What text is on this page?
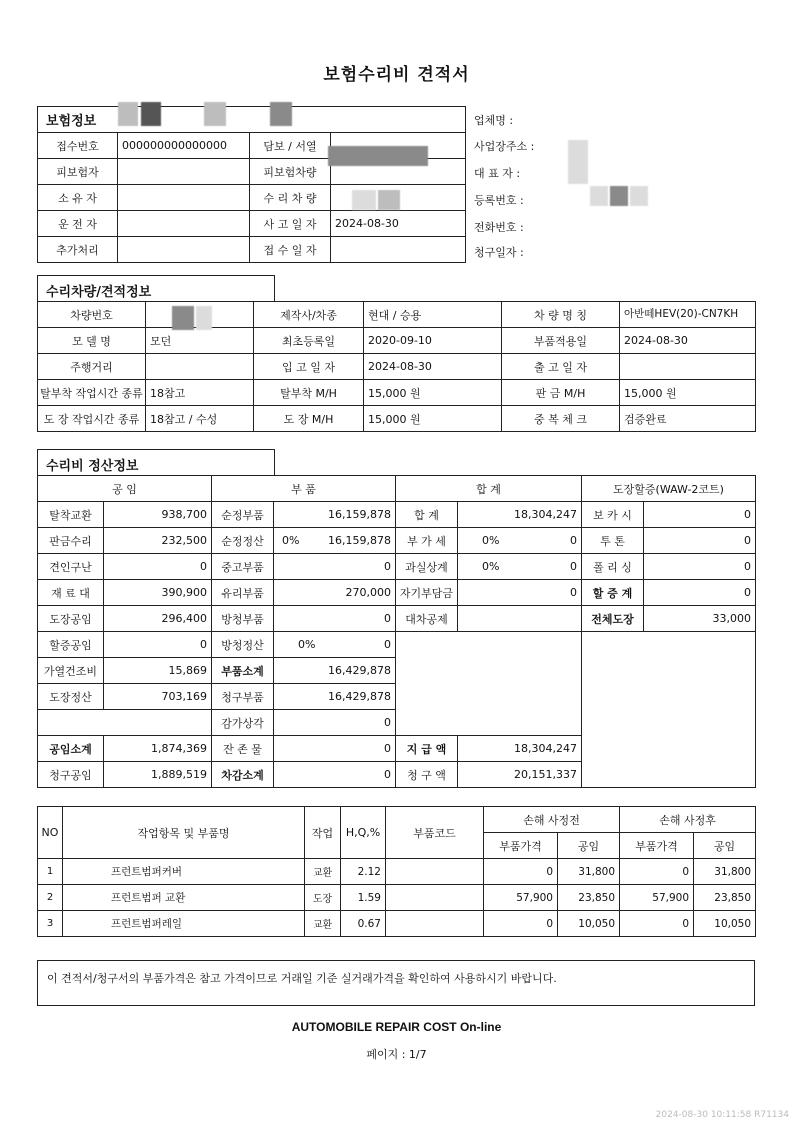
보험수리비 견적서
보험정보			
접수번호	000000000000000	담보 / 서열	
피보험자		피보험차량	
소 유 자		수 리 차 량	
운 전 자		사 고 일 자	2024-08-30
추가처리		접 수 일 자	
업체명 :
사업장주소 :
대 표 자 :
등록번호 :
전화번호 :
청구일자 :
수리차량/견적정보
차량번호		제작사/차종	현대 / 승용	차 량 명 칭	아반떼HEV(20)-CN7KH
모 델 명	모던	최초등록일	2020-09-10	부품적용일	2024-08-30
주행거리		입 고 일 자	2024-08-30	출 고 일 자	
탈부착 작업시간 종류	18참고	탈부착 M/H	15,000 원	판 금 M/H	15,000 원
도 장 작업시간 종류	18참고 / 수성	도 장 M/H	15,000 원	중 복 체 크	검증완료
수리비 정산정보
공 임		부 품		합 계		도장할증(WAW-2코트)	
탈착교환	938,700	순정부품	16,159,878	합 계	18,304,247	보 카 시	0
판금수리	232,500	순정정산	0% 16,159,878	부 가 세	0% 0	투 톤	0
견인구난	0	중고부품	0	과실상계	0% 0	폴 리 싱	0
재 료 대	390,900	유리부품	270,000	자기부담금	0	할 증 계	0
도장공임	296,400	방청부품	0	대차공제		전체도장	33,000
할증공임	0	방청정산	0% 0				
가열건조비	15,869	부품소계	16,429,878				
도장정산	703,169	청구부품	16,429,878				
		감가상각	0				
공임소계	1,874,369	잔 존 물	0	지 급 액	18,304,247		
청구공임	1,889,519	차감소계	0	청 구 액	20,151,337		
NO	작업항목 및 부품명	작업	H,Q,%	부품코드	손해 사정전		손해 사정후	
					부품가격	공임	부품가격	공임
1	프런트범퍼커버	교환	2.12		0	31,800	0	31,800
2	프런트범퍼 교환	도장	1.59		57,900	23,850	57,900	23,850
3	프런트범퍼레일	교환	0.67		0	10,050	0	10,050
이 견적서/청구서의 부품가격은 참고 가격이므로 거래일 기준 실거래가격을 확인하여 사용하시기 바랍니다.
AUTOMOBILE REPAIR COST On-line
페이지 : 1/7
2024-08-30 10:11:58 R71134
